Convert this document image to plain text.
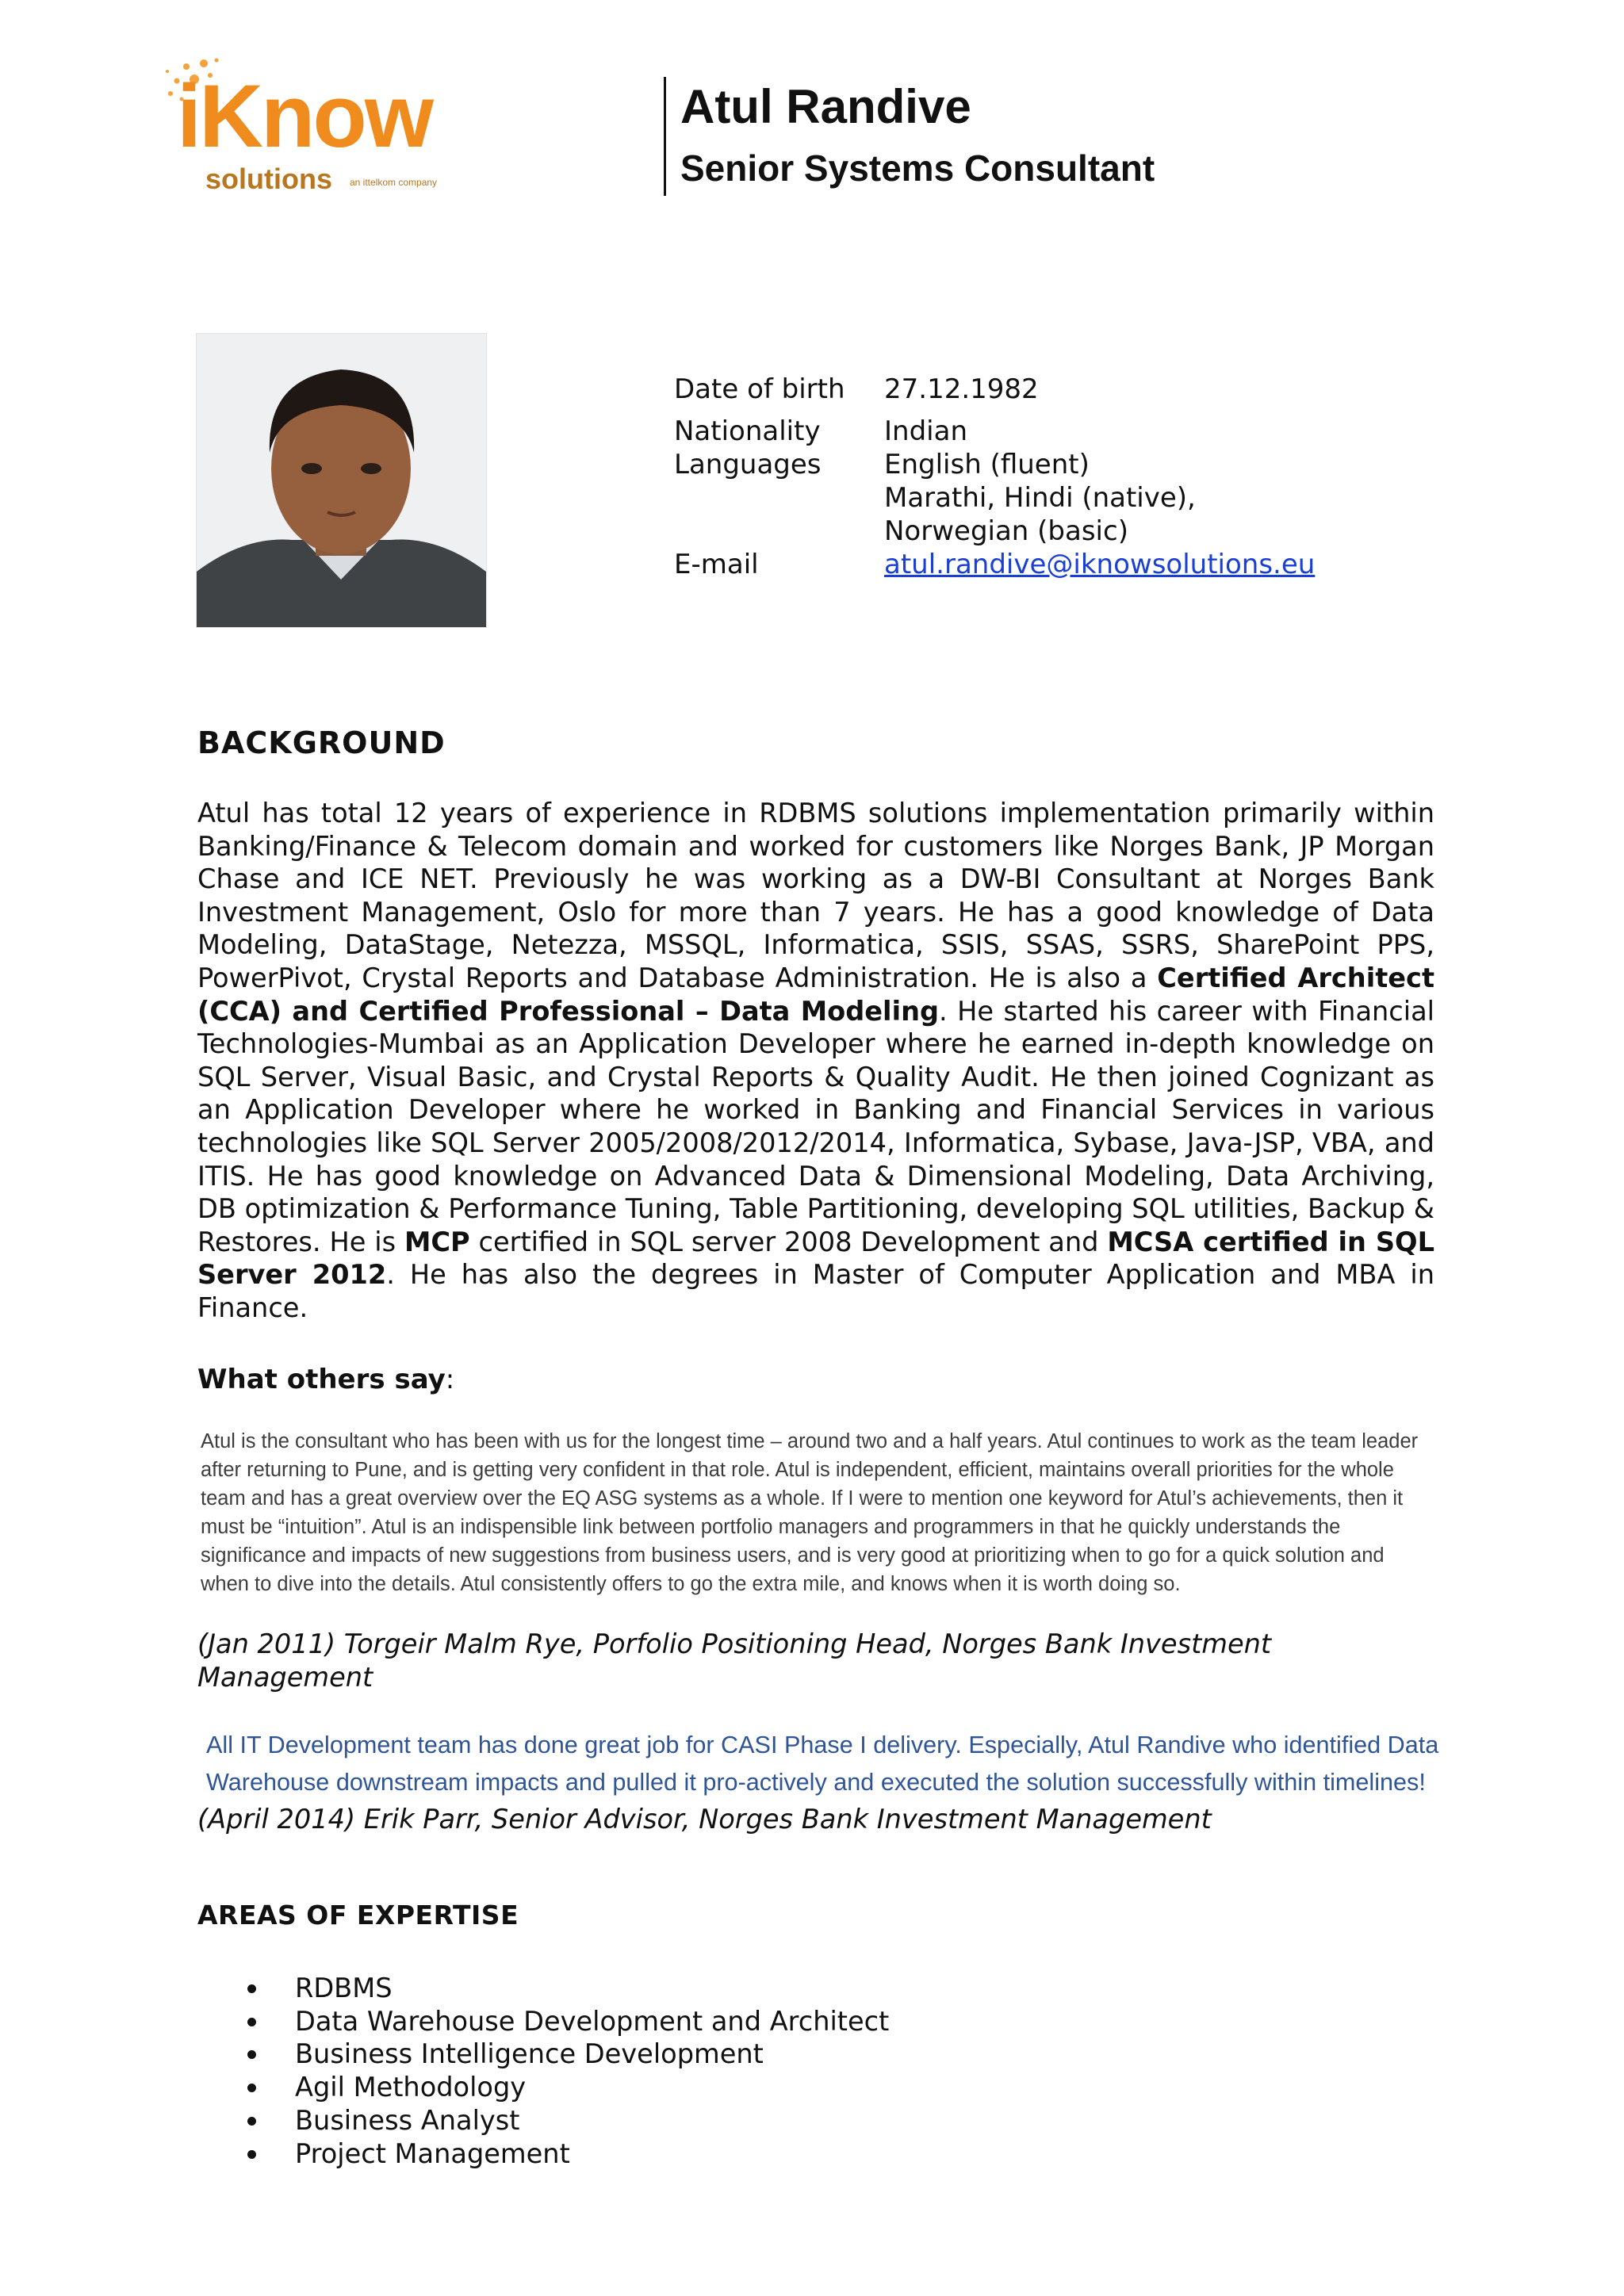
iKnow
solutions an ittelkom company
Atul Randive
Senior Systems Consultant
Date of birth	27.12.1982
Nationality	Indian
Languages	English (fluent)
Marathi, Hindi (native),
Norwegian (basic)
E-mail	atul.randive@iknowsolutions.eu
BACKGROUND
Atul has total 12 years of experience in RDBMS solutions implementation primarily within Banking/Finance & Telecom domain and worked for customers like Norges Bank, JP Morgan Chase and ICE NET. Previously he was working as a DW-BI Consultant at Norges Bank Investment Management, Oslo for more than 7 years. He has a good knowledge of Data Modeling, DataStage, Netezza, MSSQL, Informatica, SSIS, SSAS, SSRS, SharePoint PPS, PowerPivot, Crystal Reports and Database Administration. He is also a Certified Architect (CCA) and Certified Professional – Data Modeling. He started his career with Financial Technologies-Mumbai as an Application Developer where he earned in-depth knowledge on SQL Server, Visual Basic, and Crystal Reports & Quality Audit. He then joined Cognizant as an Application Developer where he worked in Banking and Financial Services in various technologies like SQL Server 2005/2008/2012/2014, Informatica, Sybase, Java-JSP, VBA, and ITIS. He has good knowledge on Advanced Data & Dimensional Modeling, Data Archiving, DB optimization & Performance Tuning, Table Partitioning, developing SQL utilities, Backup & Restores. He is MCP certified in SQL server 2008 Development and MCSA certified in SQL Server 2012. He has also the degrees in Master of Computer Application and MBA in Finance.
What others say:
Atul is the consultant who has been with us for the longest time – around two and a half years. Atul continues to work as the team leader after returning to Pune, and is getting very confident in that role. Atul is independent, efficient, maintains overall priorities for the whole team and has a great overview over the EQ ASG systems as a whole. If I were to mention one keyword for Atul’s achievements, then it must be “intuition”. Atul is an indispensible link between portfolio managers and programmers in that he quickly understands the significance and impacts of new suggestions from business users, and is very good at prioritizing when to go for a quick solution and when to dive into the details. Atul consistently offers to go the extra mile, and knows when it is worth doing so.
(Jan 2011) Torgeir Malm Rye, Porfolio Positioning Head, Norges Bank Investment Management
All IT Development team has done great job for CASI Phase I delivery. Especially, Atul Randive who identified Data Warehouse downstream impacts and pulled it pro-actively and executed the solution successfully within timelines!
(April 2014) Erik Parr, Senior Advisor, Norges Bank Investment Management
AREAS OF EXPERTISE
RDBMS
Data Warehouse Development and Architect
Business Intelligence Development
Agil Methodology
Business Analyst
Project Management
